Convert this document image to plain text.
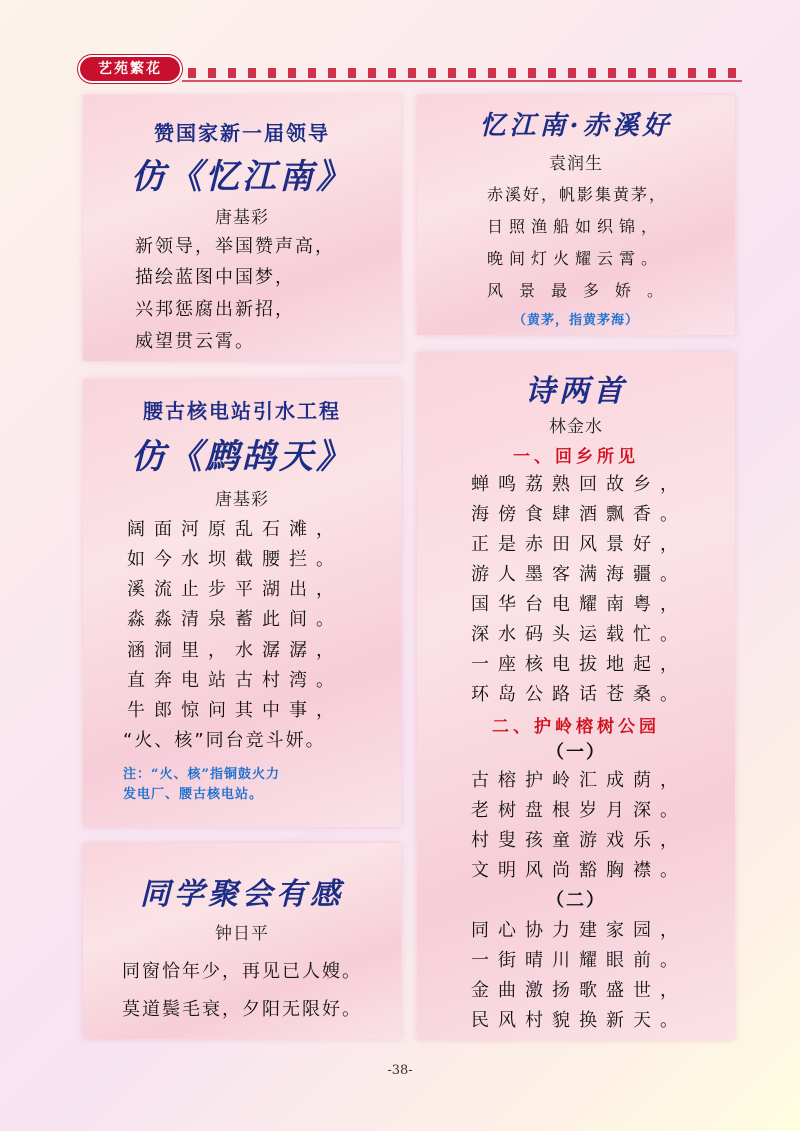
艺苑繁花
赞国家新一届领导
仿《忆江南》
唐基彩
新领导，举国赞声高，
描绘蓝图中国梦，
兴邦惩腐出新招，
威望贯云霄。
腰古核电站引水工程
仿《鹧鸪天》
唐基彩
阔面河原乱石滩，
如今水坝截腰拦。
溪流止步平湖出，
淼淼清泉蓄此间。
涵洞里，水潺潺，
直奔电站古村湾。
牛郎惊问其中事，
“火、核”同台竞斗妍。
注：“火、核”指铜鼓火力
发电厂、腰古核电站。
同学聚会有感
钟日平
同窗恰年少，再见已人嫂。
莫道鬓毛衰，夕阳无限好。
忆江南·赤溪好
袁润生
赤溪好，帆影集黄茅，
日照渔船如织锦，
晚间灯火耀云霄。
风景最多娇。
（黄茅，指黄茅海）
诗两首
林金水
一、回乡所见
蝉鸣荔熟回故乡，
海傍食肆酒飘香。
正是赤田风景好，
游人墨客满海疆。
国华台电耀南粤，
深水码头运载忙。
一座核电拔地起，
环岛公路话苍桑。
二、护岭榕树公园
（一）
古榕护岭汇成荫，
老树盘根岁月深。
村叟孩童游戏乐，
文明风尚豁胸襟。
（二）
同心协力建家园，
一街晴川耀眼前。
金曲激扬歌盛世，
民风村貌换新天。
-38-
